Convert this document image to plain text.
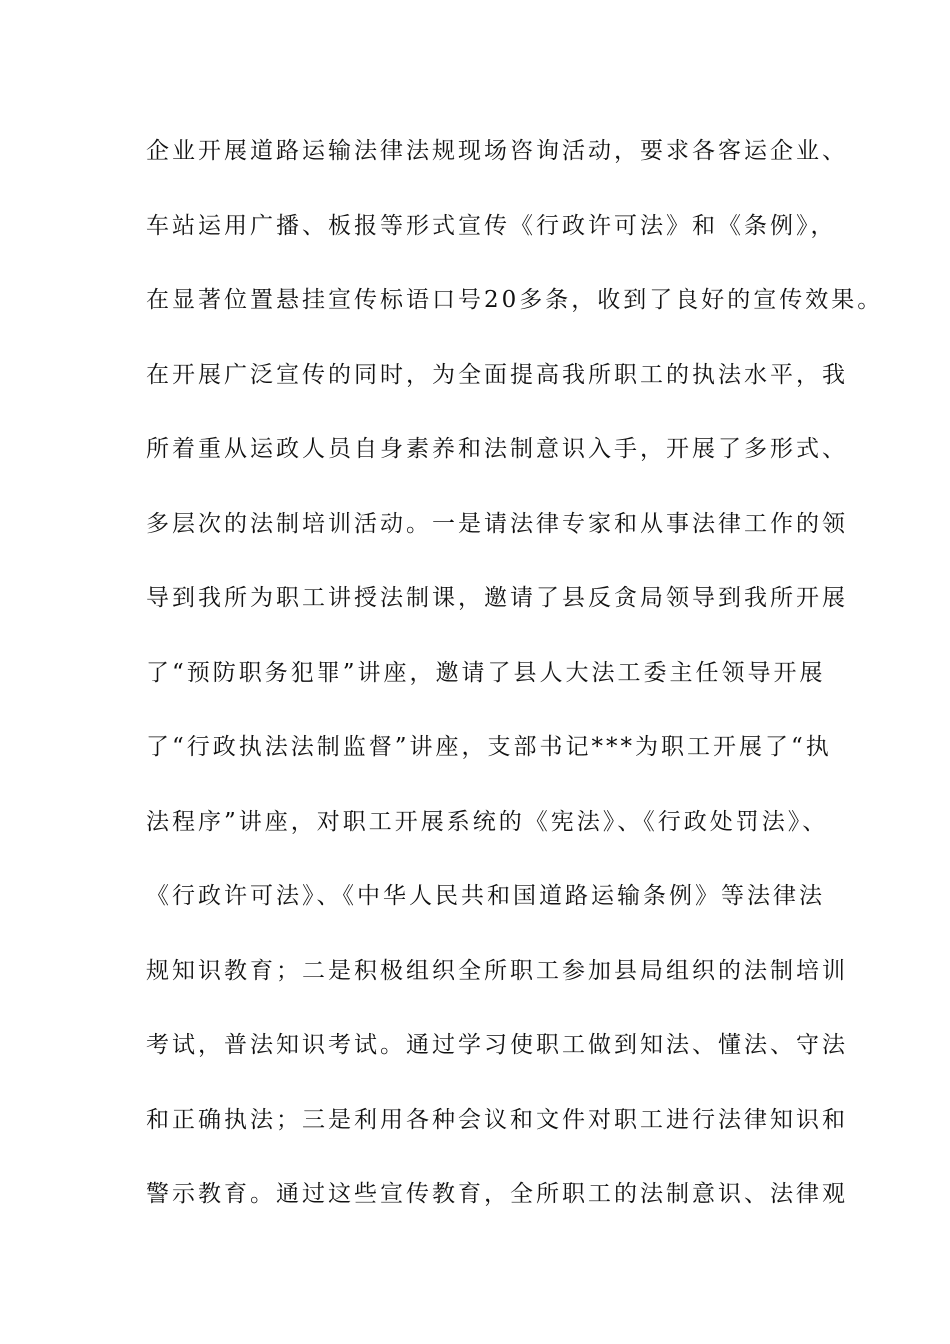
企业开展道路运输法律法规现场咨询活动，要求各客运企业、
车站运用广播、板报等形式宣传《行政许可法》和《条例》，
在显著位置悬挂宣传标语口号20多条，收到了良好的宣传效果。
在开展广泛宣传的同时，为全面提高我所职工的执法水平，我
所着重从运政人员自身素养和法制意识入手，开展了多形式、
多层次的法制培训活动。一是请法律专家和从事法律工作的领
导到我所为职工讲授法制课，邀请了县反贪局领导到我所开展
了“预防职务犯罪”讲座，邀请了县人大法工委主任领导开展
了“行政执法法制监督”讲座，支部书记***为职工开展了“执
法程序”讲座，对职工开展系统的《宪法》、《行政处罚法》、
《行政许可法》、《中华人民共和国道路运输条例》等法律法
规知识教育；二是积极组织全所职工参加县局组织的法制培训
考试，普法知识考试。通过学习使职工做到知法、懂法、守法
和正确执法；三是利用各种会议和文件对职工进行法律知识和
警示教育。通过这些宣传教育，全所职工的法制意识、法律观
